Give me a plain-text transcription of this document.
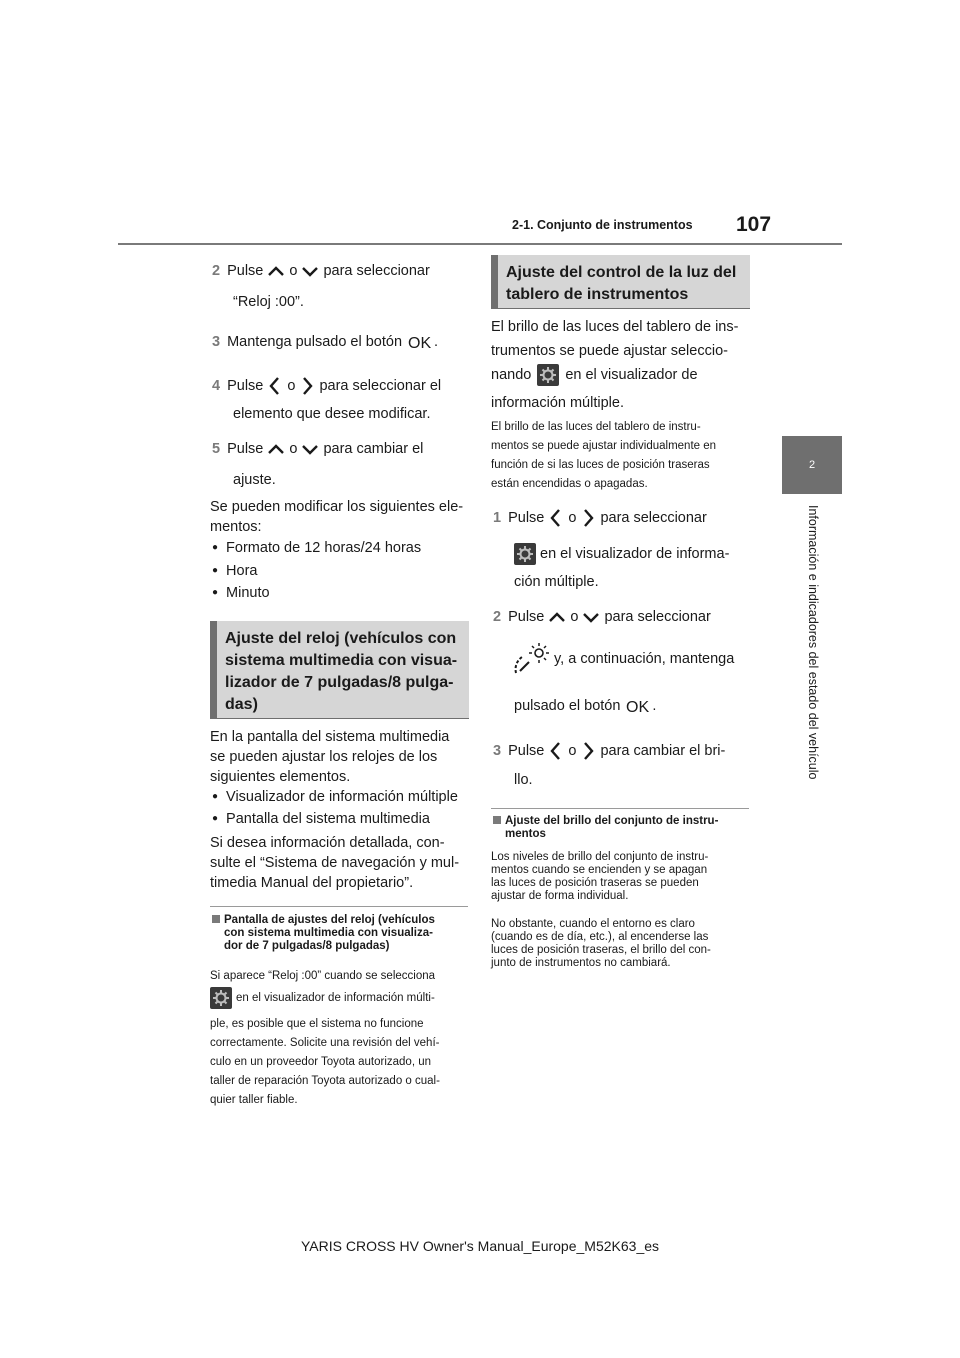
2-1. Conjunto de instrumentos 107
2
Información e indicadores del estado del vehículo
2 Pulse o para seleccionar
“Reloj :00”.
3 Mantenga pulsado el botón OK .
4 Pulse o para seleccionar el
elemento que desee modificar.
5 Pulse o para cambiar el
ajuste.
Se pueden modificar los siguientes ele-
mentos:
● Formato de 12 horas/24 horas
● Hora
● Minuto
Ajuste del reloj (vehículos con
sistema multimedia con visua-
lizador de 7 pulgadas/8 pulga-
das)
En la pantalla del sistema multimedia
se pueden ajustar los relojes de los
siguientes elementos.
● Visualizador de información múltiple
● Pantalla del sistema multimedia
Si desea información detallada, con-
sulte el “Sistema de navegación y mul-
timedia Manual del propietario”.
Pantalla de ajustes del reloj (vehículos
con sistema multimedia con visualiza-
dor de 7 pulgadas/8 pulgadas)
Si aparece “Reloj :00” cuando se selecciona
en el visualizador de información múlti-
ple, es posible que el sistema no funcione
correctamente. Solicite una revisión del vehí-
culo en un proveedor Toyota autorizado, un
taller de reparación Toyota autorizado o cual-
quier taller fiable.
Ajuste del control de la luz del
tablero de instrumentos
El brillo de las luces del tablero de ins-
trumentos se puede ajustar seleccio-
nando en el visualizador de
información múltiple.
El brillo de las luces del tablero de instru-
mentos se puede ajustar individualmente en
función de si las luces de posición traseras
están encendidas o apagadas.
1 Pulse o para seleccionar
en el visualizador de informa-
ción múltiple.
2 Pulse o para seleccionar
y, a continuación, mantenga
pulsado el botón OK .
3 Pulse o para cambiar el bri-
llo.
Ajuste del brillo del conjunto de instru-
mentos
Los niveles de brillo del conjunto de instru-
mentos cuando se encienden y se apagan
las luces de posición traseras se pueden
ajustar de forma individual.
No obstante, cuando el entorno es claro
(cuando es de día, etc.), al encenderse las
luces de posición traseras, el brillo del con-
junto de instrumentos no cambiará.
YARIS CROSS HV Owner's Manual_Europe_M52K63_es
